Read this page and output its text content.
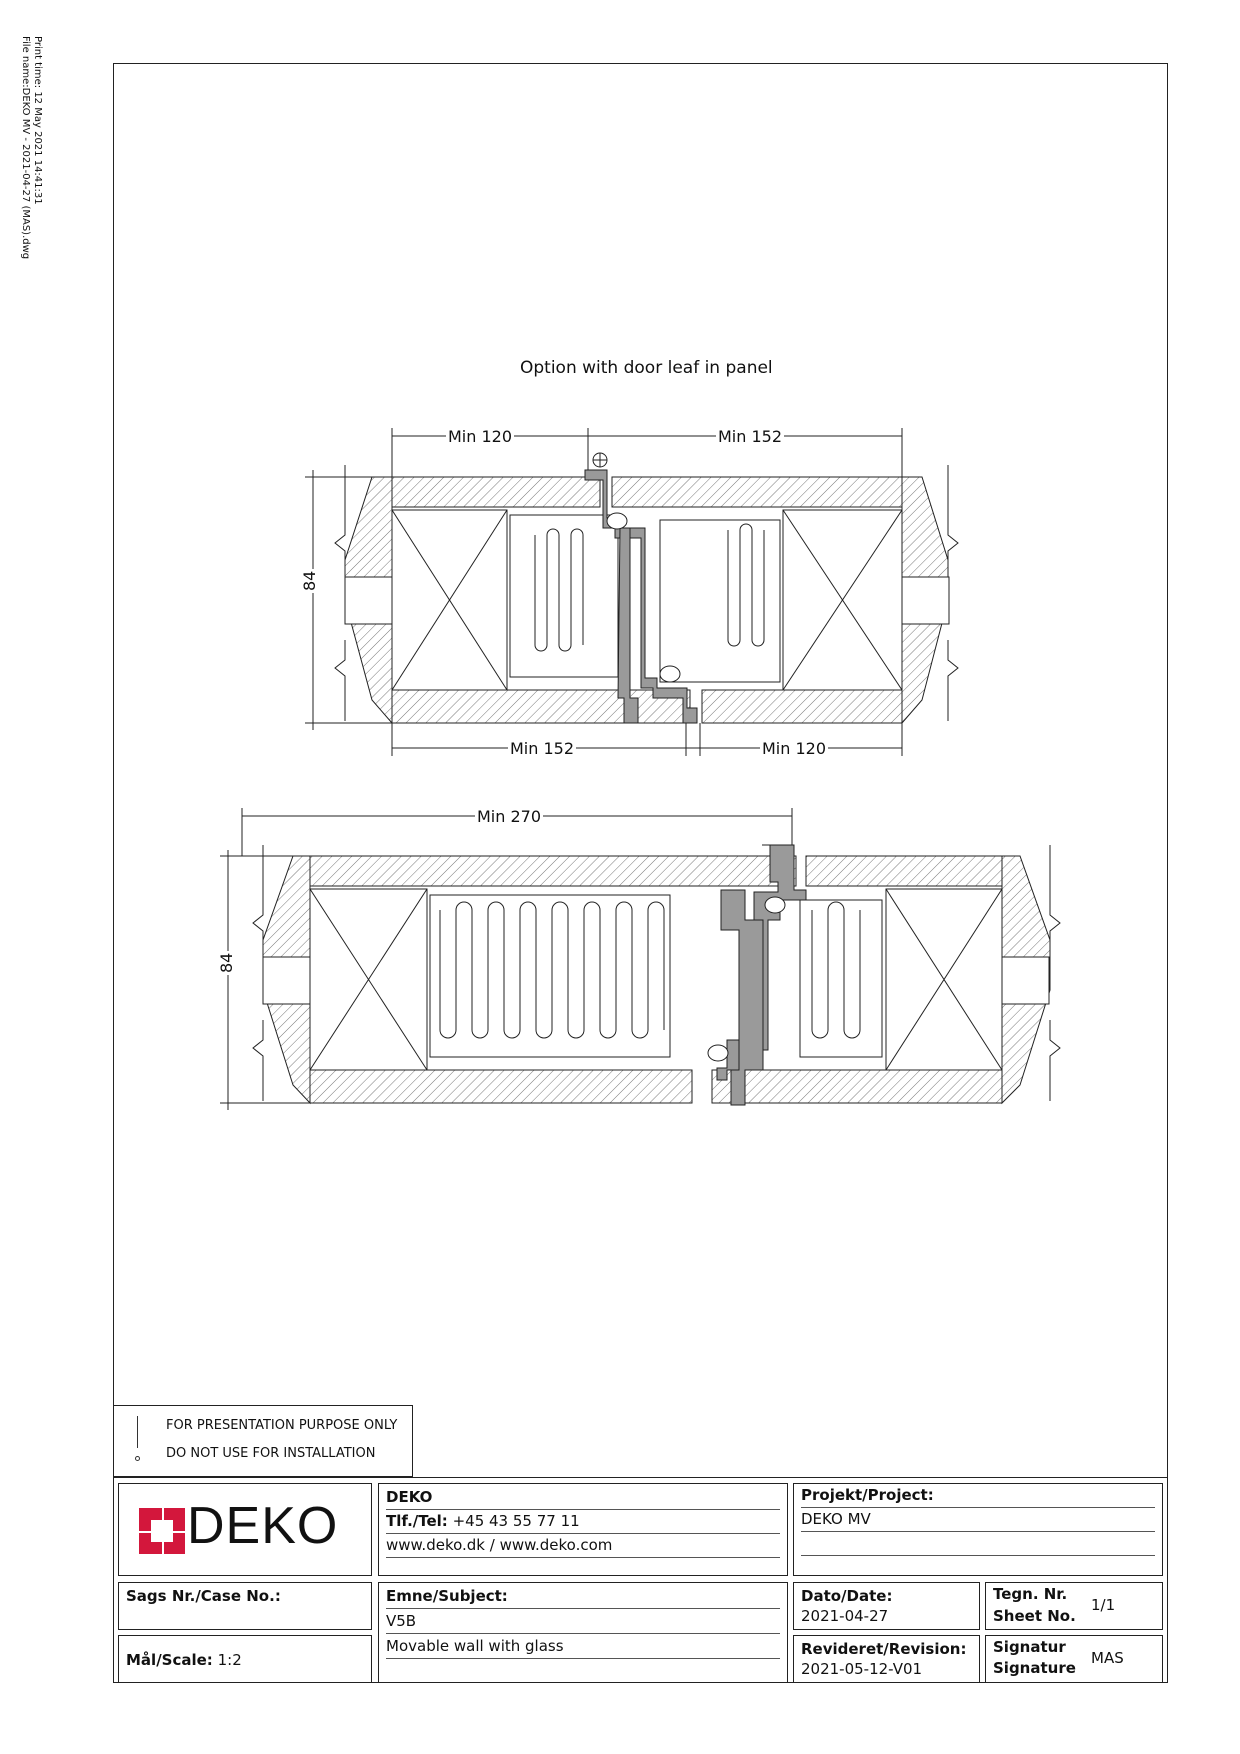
Print time: 12 May 2021 14:41:31
File name:DEKO MV - 2021-04-27 (MAS).dwg
Option with door leaf in panel
Min 120	Min 152
Min 152	Min 120
84
Min 270
84
FOR PRESENTATION PURPOSE ONLY
DO NOT USE FOR INSTALLATION
DEKO	DEKO
Tlf./Tel: +45 43 55 77 11
www.deko.dk / www.deko.com
Projekt/Project:
DEKO MV
Sags Nr./Case No.:
Mål/Scale: 1:2
Emne/Subject:
V5B
Movable wall with glass
Dato/Date:
2021-04-27
Tegn. Nr.
Sheet No.
1/1
Revideret/Revision:
2021-05-12-V01
Signatur
Signature
MAS
